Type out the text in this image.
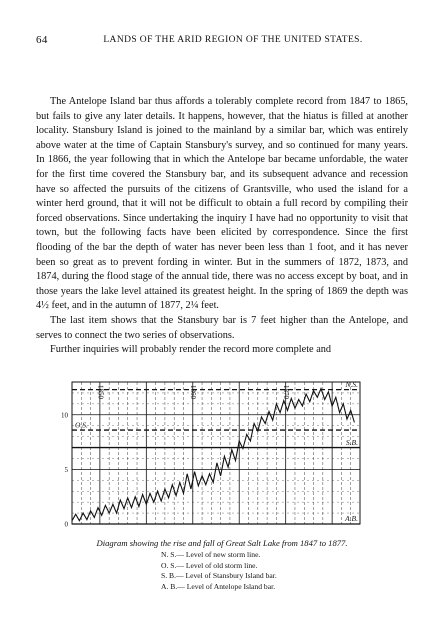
64	LANDS OF THE ARID REGION OF THE UNITED STATES.

The Antelope Island bar thus affords a tolerably complete record from 1847 to 1865, but fails to give any later details. It happens, however, that the hiatus is filled at another locality. Stansbury Island is joined to the mainland by a similar bar, which was entirely above water at the time of Captain Stansbury's survey, and so continued for many years. In 1866, the year following that in which the Antelope bar became unfordable, the water for the first time covered the Stansbury bar, and its subsequent advance and recession have so affected the pursuits of the citizens of Grantsville, who used the island for a winter herd ground, that it will not be difficult to obtain a full record by compiling their forced observations. Since undertaking the inquiry I have had no opportunity to visit that town, but the following facts have been elicited by correspondence. Since the first flooding of the bar the depth of water has never been less than 1 foot, and it has never been so great as to prevent fording in winter. But in the summers of 1872, 1873, and 1874, during the flood stage of the annual tide, there was no access except by boat, and in those years the lake level attained its greatest height. In the spring of 1869 the depth was 4½ feet, and in the autumn of 1877, 2¼ feet.

The last item shows that the Stansbury bar is 7 feet higher than the Antelope, and serves to connect the two series of observations.

Further inquiries will probably render the record more complete and

1850	1860	1870
0
5
10
N.S.
O.S.
S.B.
A.B.
Diagram showing the rise and fall of Great Salt Lake from 1847 to 1877.
N. S.— Level of new storm line.
O. S.— Level of old storm line.
S. B.— Level of Stansbury Island bar.
A. B.— Level of Antelope Island bar.
